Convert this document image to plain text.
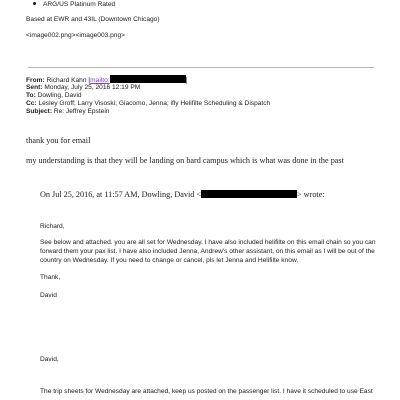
ARG/US Platinum Rated
Based at EWR and 43IL (Downtown Chicago)
<image002.png><image003.png>
From: Richard Kahn [mailto:	]
Sent: Monday, July 25, 2016 12:19 PM
To: Dowling, David
Cc: Lesley Groff; Larry Visoski; Giacomo, Jenna; ifly Helifilte Scheduling & Dispatch
Subject: Re: Jeffrey Epstein
thank you for email
my understanding is that they will be landing on bard campus which is what was done in the past
On Jul 25, 2016, at 11:57 AM, Dowling, David <	> wrote:
Richard,
See below and attached. you are all set for Wednesday. I have also included helifilte on this email chain so you can forward them your pax list. I have also included Jenna, Andrew's other assistant, on this email as I will be out of the country on Wednesday. If you need to change or cancel, pls let Jenna and Helifilte know.
Thank,
David
David,
The trip sheets for Wednesday are attached, keep us posted on the passenger list. I have it scheduled to use East
